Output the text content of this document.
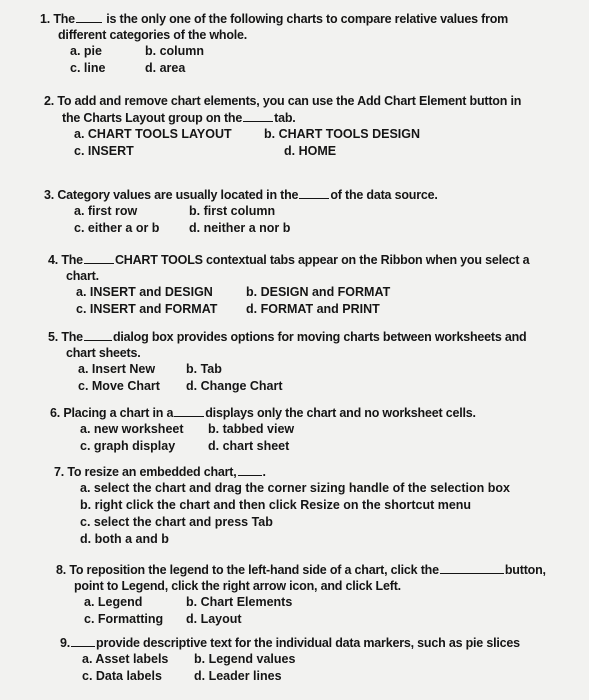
1. The	is the only one of the following charts to compare relative values from
different categories of the whole.
a. pie	b. column
c. line	d. area
2. To add and remove chart elements, you can use the Add Chart Element button in
the Charts Layout group on the	tab.
a. CHART TOOLS LAYOUT	b. CHART TOOLS DESIGN
c. INSERT	d. HOME
3. Category values are usually located in the	of the data source.
a. first row	b. first column
c. either a or b	d. neither a nor b
4. The	CHART TOOLS contextual tabs appear on the Ribbon when you select a
chart.
a. INSERT and DESIGN	b. DESIGN and FORMAT
c. INSERT and FORMAT	d. FORMAT and PRINT
5. The dialog box provides options for moving charts between worksheets and
chart sheets.
a. Insert New	b. Tab
c. Move Chart	d. Change Chart
6. Placing a chart in a	displays only the chart and no worksheet cells.
a. new worksheet	b. tabbed view
c. graph display	d. chart sheet
7. To resize an embedded chart, .
a. select the chart and drag the corner sizing handle of the selection box
b. right click the chart and then click Resize on the shortcut menu
c. select the chart and press Tab
d. both a and b
8. To reposition the legend to the left-hand side of a chart, click the	button,
point to Legend, click the right arrow icon, and click Left.
a. Legend	b. Chart Elements
c. Formatting	d. Layout
9. provide descriptive text for the individual data markers, such as pie slices
a. Asset labels	b. Legend values
c. Data labels	d. Leader lines
